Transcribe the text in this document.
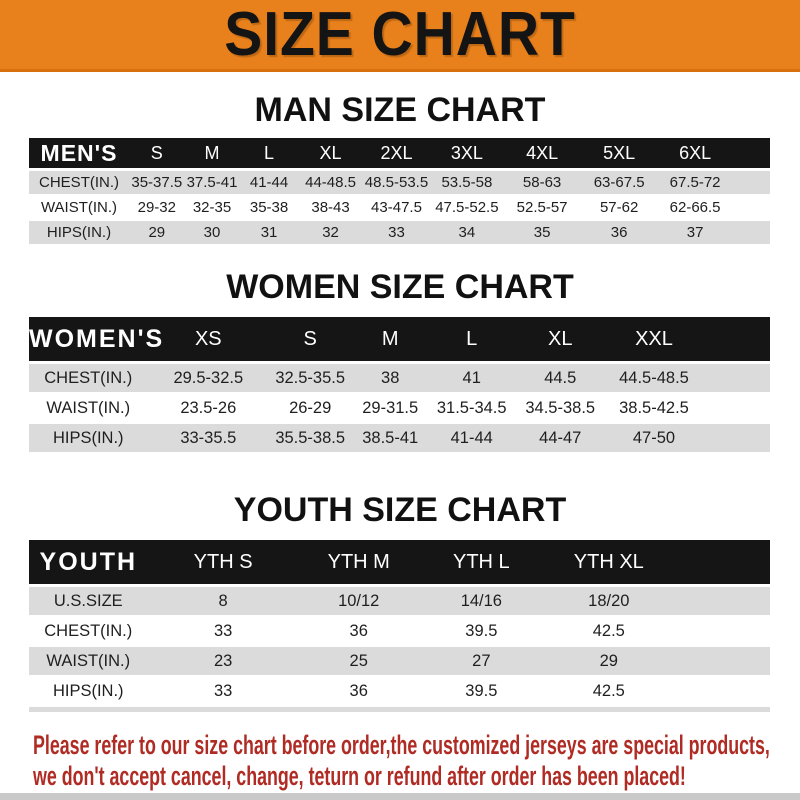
SIZE CHART
MAN SIZE CHART
MEN'S	S	M	L	XL	2XL	3XL	4XL	5XL	6XL
CHEST(IN.) 35-37.5 37.5-41 41-44	44-48.5 48.5-53.5 53.5-58	58-63	63-67.5	67.5-72
WAIST(IN.)	29-32	32-35	35-38	38-43	43-47.5 47.5-52.5	52.5-57	57-62	62-66.5
HIPS(IN.)	29	30	31	32	33	34	35	36	37
WOMEN SIZE CHART
WOMEN'S	XS	S	M	L	XL	XXL
CHEST(IN.)	29.5-32.5	32.5-35.5	38	41	44.5	44.5-48.5
WAIST(IN.)	23.5-26	26-29	29-31.5	31.5-34.5	34.5-38.5	38.5-42.5
HIPS(IN.)	33-35.5	35.5-38.5	38.5-41	41-44	44-47	47-50
YOUTH SIZE CHART
YOUTH	YTH S	YTH M	YTH L	YTH XL
U.S.SIZE	8	10/12	14/16	18/20
CHEST(IN.)	33	36	39.5	42.5
WAIST(IN.)	23	25	27	29
HIPS(IN.)	33	36	39.5	42.5
Please refer to our size chart before order,the customized jerseys are special products,
we don't accept cancel, change, teturn or refund after order has been placed!
